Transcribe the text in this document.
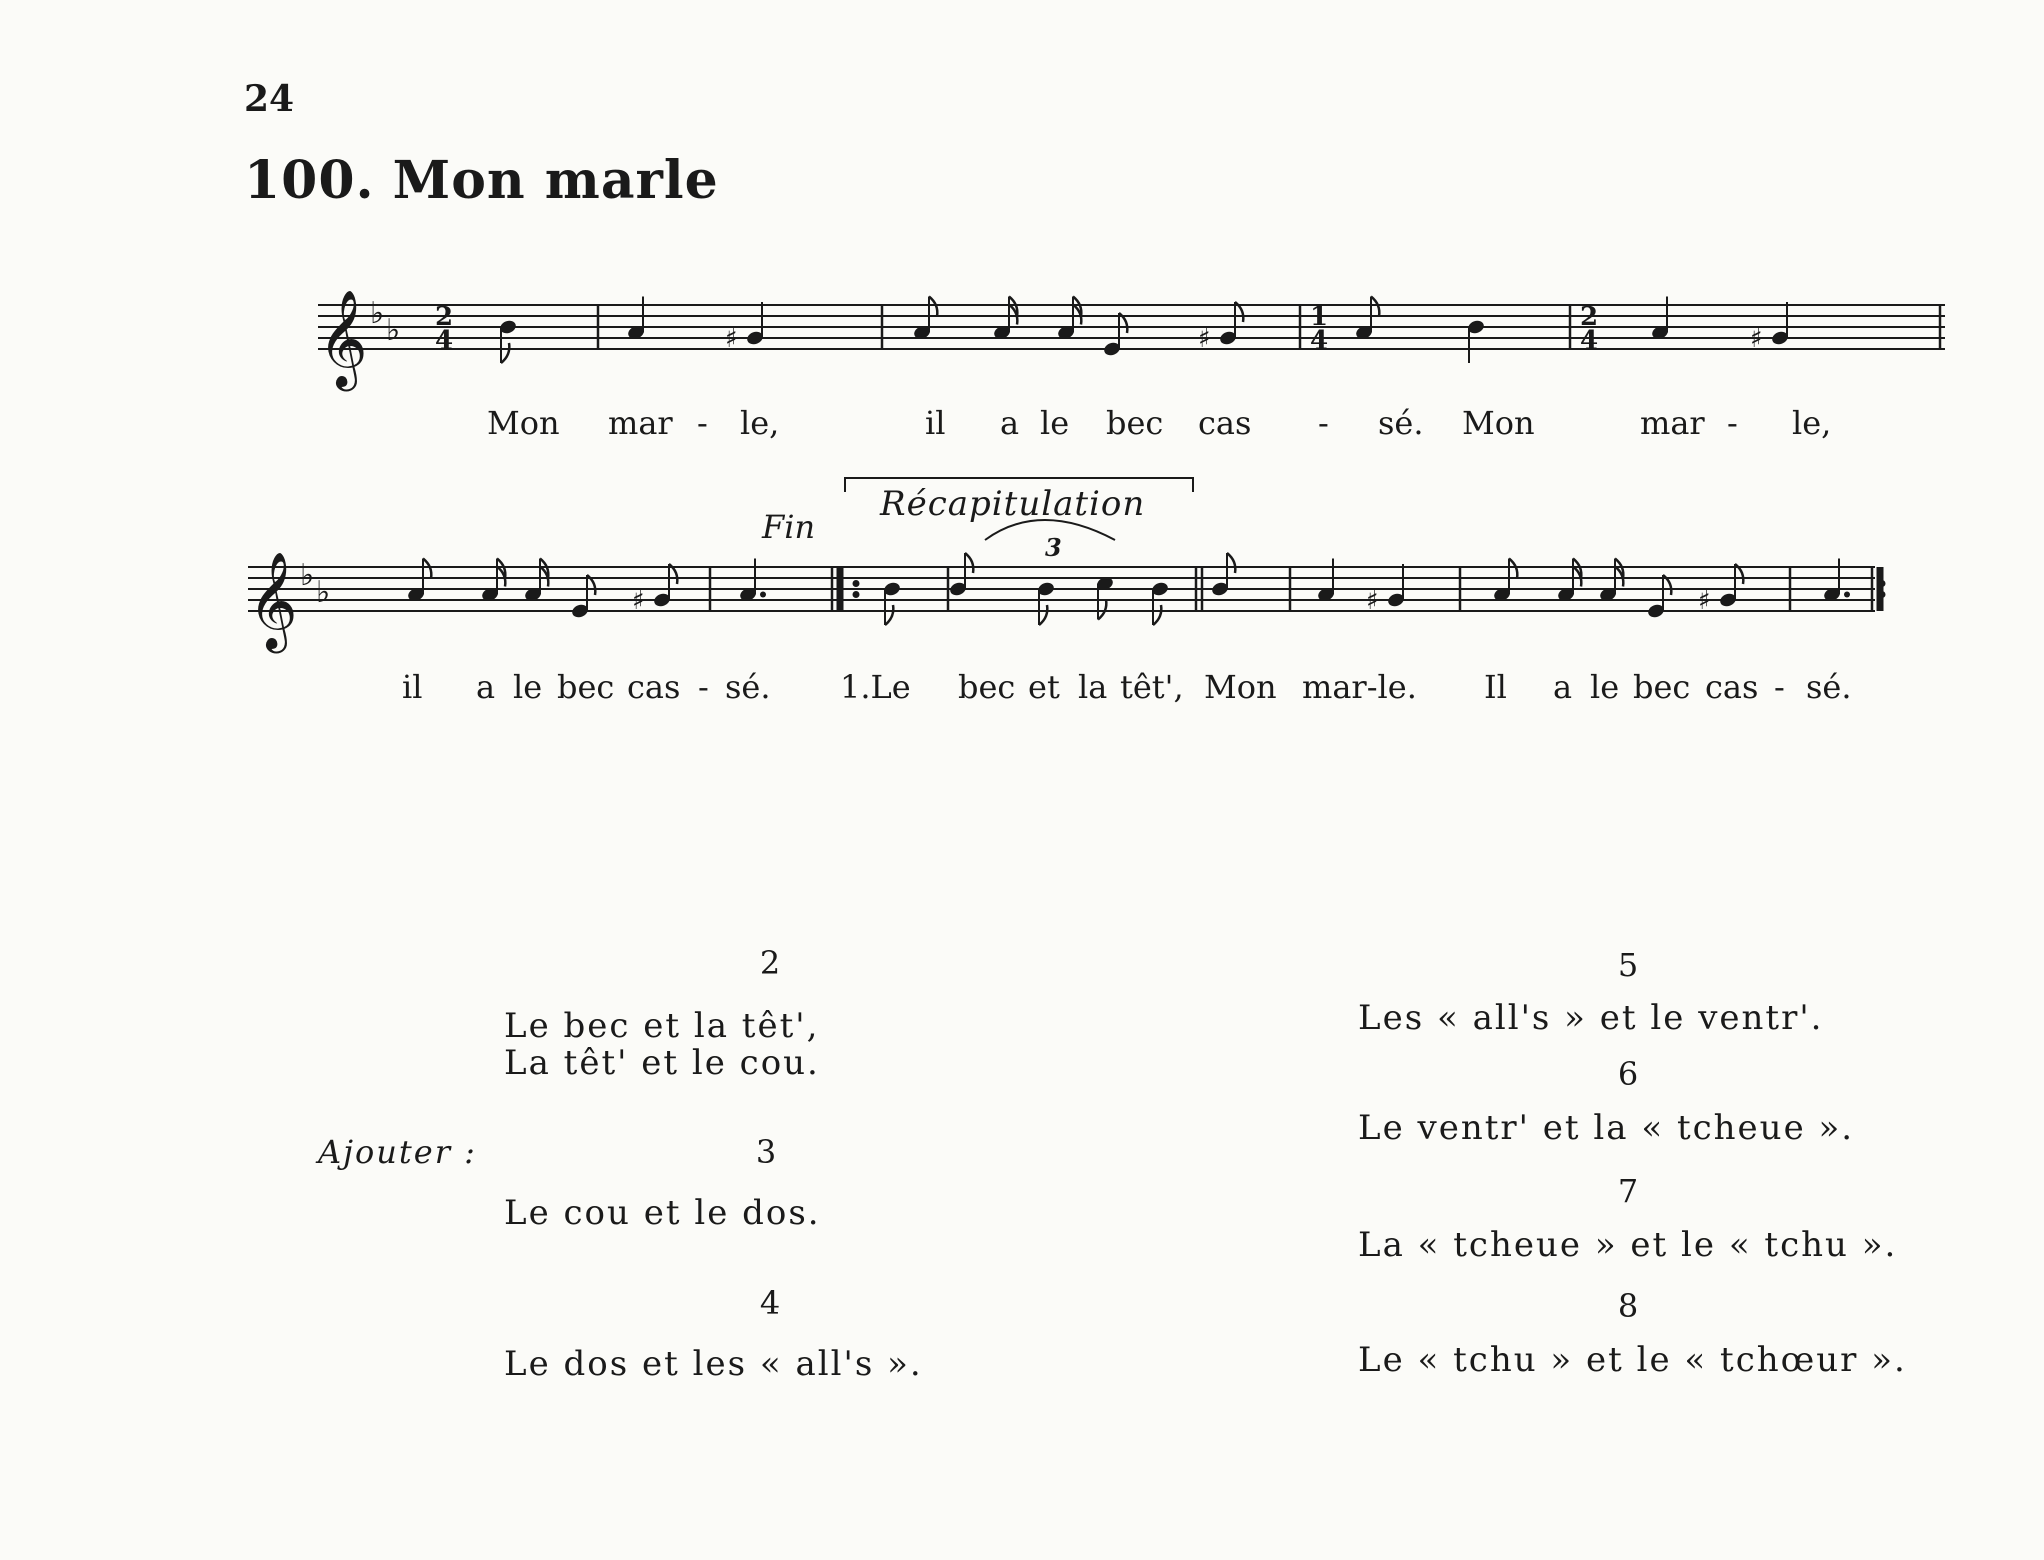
24
100. Mon marle
𝄞 ♭ ♭ 2
4	♯	♯
1
4
2
4	♯
𝄞 ♭ ♭	♯
3
♯	♯
Fin
Récapitulation
Mon mar - le,	il a le bec cas - sé. Mon	mar - le,
il a le bec cas - sé. 1.Le bec et la têt', Mon mar-le. Il a le bec cas - sé.
Ajouter :
2
Le bec et la têt',
La têt' et le cou.
3
Le cou et le dos.
4
Le dos et les « all's ».
5
Les « all's » et le ventr'.
6
Le ventr' et la « tcheue ».
7
La « tcheue » et le « tchu ».
8
Le « tchu » et le « tchœur ».
